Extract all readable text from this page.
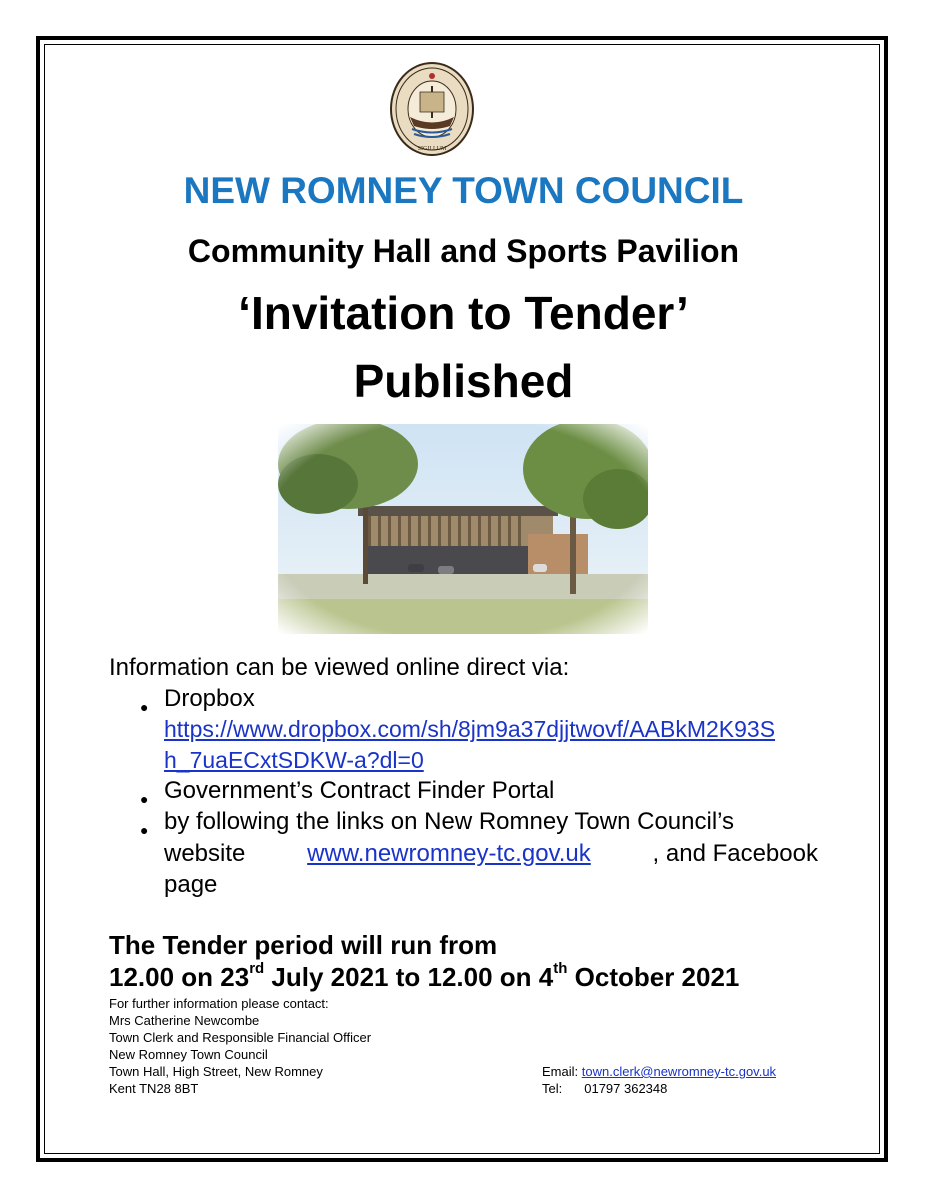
SIGILLUM
NEW ROMNEY TOWN COUNCIL
Community Hall and Sports Pavilion
‘Invitation to Tender’
Published
Information can be viewed online direct via:
● Dropbox
https://www.dropbox.com/sh/8jm9a37djjtwovf/AABkM2K93S
h_7uaECxtSDKW-a?dl=0
● Government’s Contract Finder Portal
● by following the links on New Romney Town Council’s
website	www.newromney-tc.gov.uk	, and Facebook
page
The Tender period will run from
12.00 on 23rd July 2021 to 12.00 on 4th October 2021
For further information please contact:
Mrs Catherine Newcombe
Town Clerk and Responsible Financial Officer
New Romney Town Council
Town Hall, High Street, New Romney
Kent TN28 8BT
Email: town.clerk@newromney-tc.gov.uk
Tel: 01797 362348
